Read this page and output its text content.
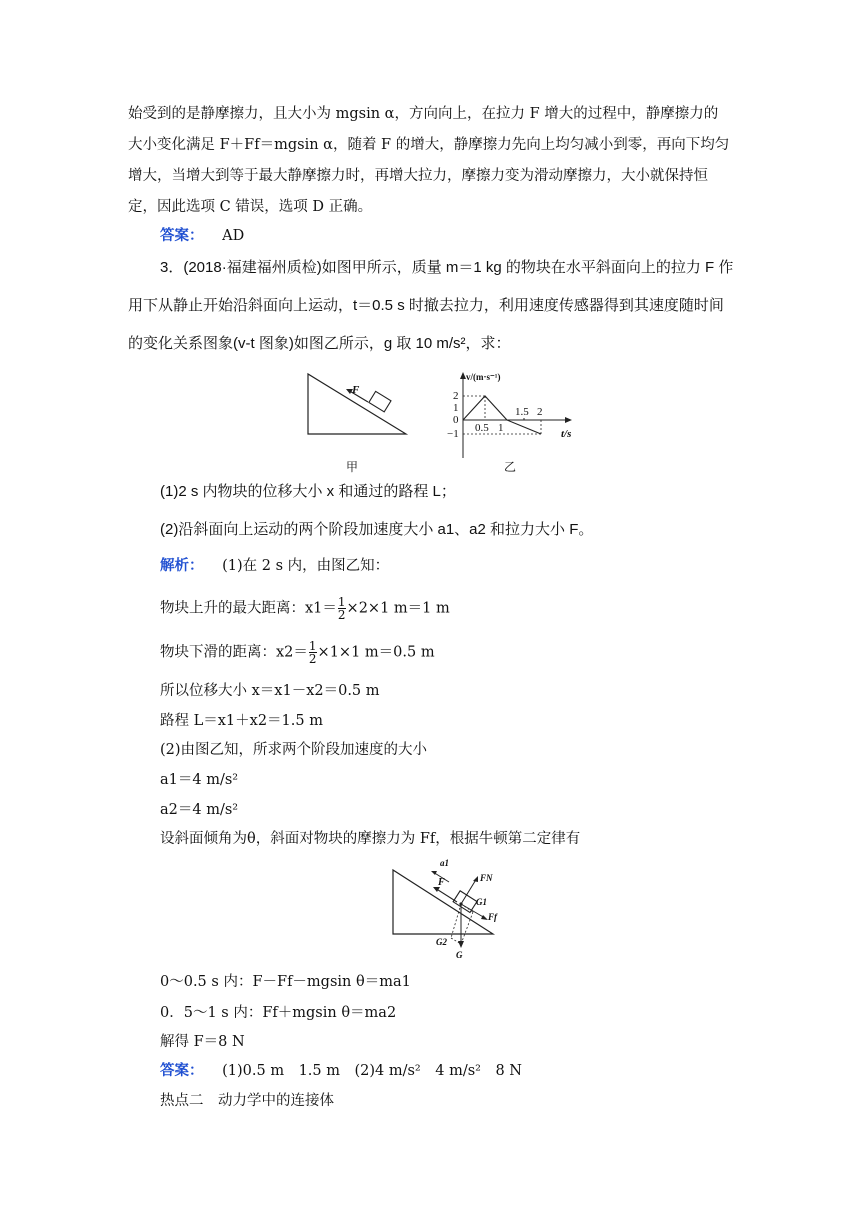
始受到的是静摩擦力，且大小为 mgsin α，方向向上，在拉力 F 增大的过程中，静摩擦力的
大小变化满足 F＋Ff＝mgsin α，随着 F 的增大，静摩擦力先向上均匀减小到零，再向下均匀
增大，当增大到等于最大静摩擦力时，再增大拉力，摩擦力变为滑动摩擦力，大小就保持恒
定，因此选项 C 错误，选项 D 正确。
答案： AD
3．(2018·福建福州质检)如图甲所示，质量 m＝1 kg 的物块在水平斜面向上的拉力 F 作
用下从静止开始沿斜面向上运动，t＝0.5 s 时撤去拉力，利用速度传感器得到其速度随时间
的变化关系图象(v-t 图象)如图乙所示，g 取 10 m/s²，求：
F
v/(m·s⁻¹)
t/s
2
1
0
−1 0.5 1
1.5 2
甲	乙
(1)2 s 内物块的位移大小 x 和通过的路程 L；
(2)沿斜面向上运动的两个阶段加速度大小 a1、a2 和拉力大小 F。
解析： (1)在 2 s 内，由图乙知：
物块上升的最大距离：$x1= \frac{1}{2} \times 2\times 1$ m＝1 m
物块下滑的距离：$x2= \frac{1}{2} \times 1\times 1$ m＝0.5 m
所以位移大小 x＝x1－x2＝0.5 m
路程 L＝x1＋x2＝1.5 m
(2)由图乙知，所求两个阶段加速度的大小
a1＝4 m/s²
a2＝4 m/s²
设斜面倾角为θ，斜面对物块的摩擦力为 Ff，根据牛顿第二定律有
a1
F	FN
G1
Ff
G2
G
0～0.5 s 内：F－Ff－mgsin θ＝ma1
0．5～1 s 内：Ff＋mgsin θ＝ma2
解得 F＝8 N
答案： (1)0.5 m　1.5 m　(2)4 m/s²　4 m/s²　8 N
热点二　动力学中的连接体
